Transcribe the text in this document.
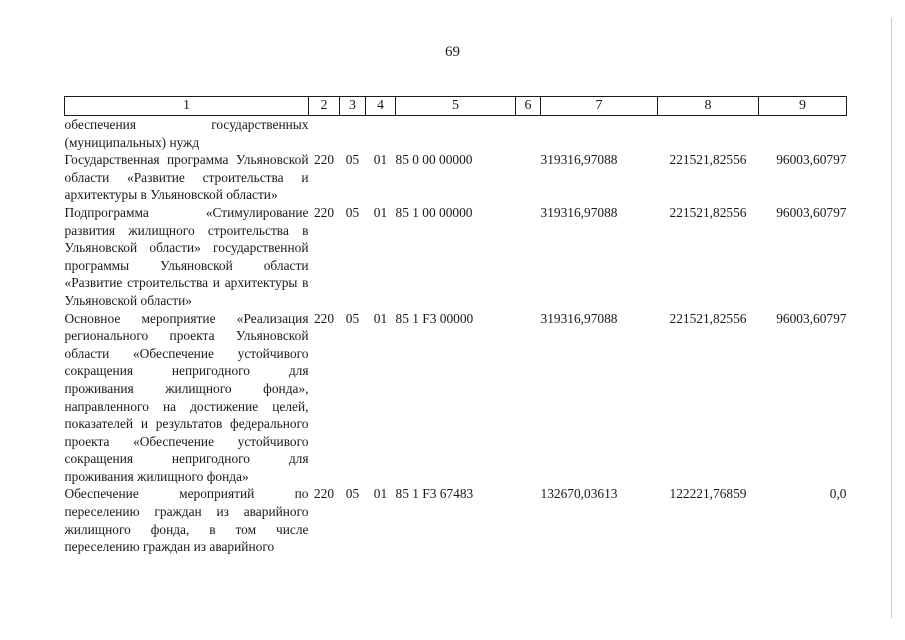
69
1	2	3	4	5	6	7	8	9
обеспечения государственных (муниципальных) нужд								
Государственная программа Ульяновской области «Развитие строительства и архитектуры в Ульяновской области»	220	05	01	85 0 00 00000		319316,97088	221521,82556	96003,60797
Подпрограмма «Стимулирование развития жилищного строительства в Ульяновской области» государственной программы Ульяновской области «Развитие строительства и архитектуры в Ульяновской области»	220	05	01	85 1 00 00000		319316,97088	221521,82556	96003,60797
Основное мероприятие «Реализация регионального проекта Ульяновской области «Обеспечение устойчивого сокращения непригодного для проживания жилищного фонда», направленного на достижение целей, показателей и результатов федерального проекта «Обеспечение устойчивого сокращения непригодного для проживания жилищного фонда»	220	05	01	85 1 F3 00000		319316,97088	221521,82556	96003,60797
Обеспечение мероприятий по переселению граждан из аварийного жилищного фонда, в том числе переселению граждан из аварийного	220	05	01	85 1 F3 67483		132670,03613	122221,76859	0,0
